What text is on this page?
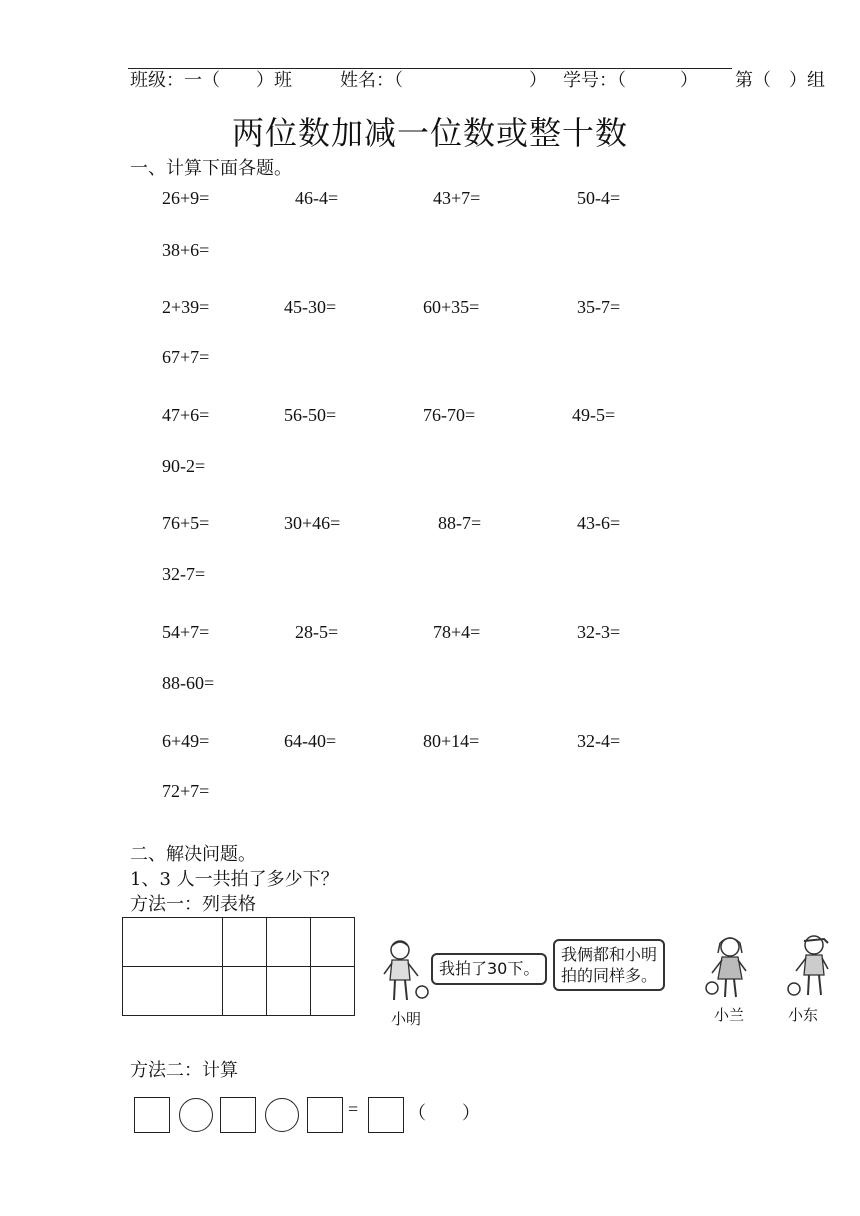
班级：一（　　）班	姓名：（　　　　　　　） 学号：（　　　） 第（　）组
两位数加减一位数或整十数
一、计算下面各题。
26+9=	46-4=	43+7=	50-4=
38+6=
2+39=	45-30=	60+35=	35-7=
67+7=
47+6=	56-50=	76-70=	49-5=
90-2=
76+5=	30+46=	88-7=	43-6=
32-7=
54+7=	28-5=	78+4=	32-3=
88-60=
6+49=	64-40=	80+14=	32-4=
72+7=
二、解决问题。
1、3 人一共拍了多少下？
方法一：列表格

小明
我拍了30下。
我俩都和小明
拍的同样多。
小兰	小东
方法二：计算
=	（　　）
